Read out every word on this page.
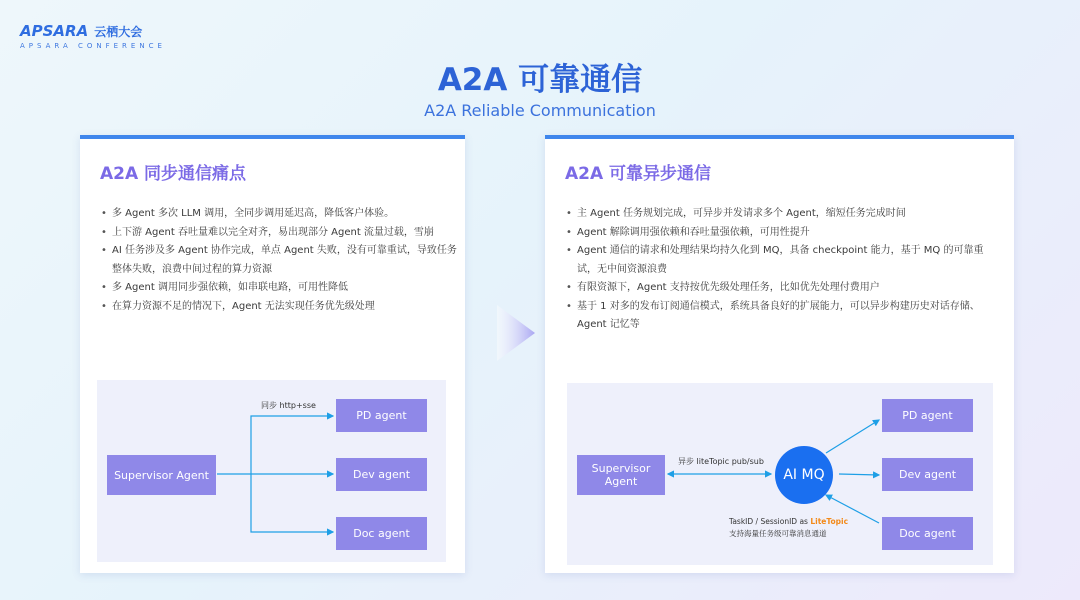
APSARA 云栖大会
APSARA CONFERENCE
A2A 可靠通信
A2A Reliable Communication
A2A 同步通信痛点
• 多 Agent 多次 LLM 调用，全同步调用延迟高，降低客户体验。
• 上下游 Agent 吞吐量难以完全对齐，易出现部分 Agent 流量过载，雪崩
• AI 任务涉及多 Agent 协作完成，单点 Agent 失败，没有可靠重试，导致任务整体失败，浪费中间过程的算力资源
• 多 Agent 调用同步强依赖，如串联电路，可用性降低
• 在算力资源不足的情况下，Agent 无法实现任务优先级处理
同步 http+sse
Supervisor Agent
PD agent
Dev agent
Doc agent
A2A 可靠异步通信
• 主 Agent 任务规划完成，可异步并发请求多个 Agent，缩短任务完成时间
• Agent 解除调用强依赖和吞吐量强依赖，可用性提升
• Agent 通信的请求和处理结果均持久化到 MQ，具备 checkpoint 能力，基于 MQ 的可靠重试，无中间资源浪费
• 有限资源下，Agent 支持按优先级处理任务，比如优先处理付费用户
• 基于 1 对多的发布订阅通信模式，系统具备良好的扩展能力，可以异步构建历史对话存储、Agent 记忆等
异步 liteTopic pub/sub
Supervisor Agent	AI MQ
TaskID / SessionID as LiteTopic
支持海量任务级可靠消息通道
PD agent
Dev agent
Doc agent
